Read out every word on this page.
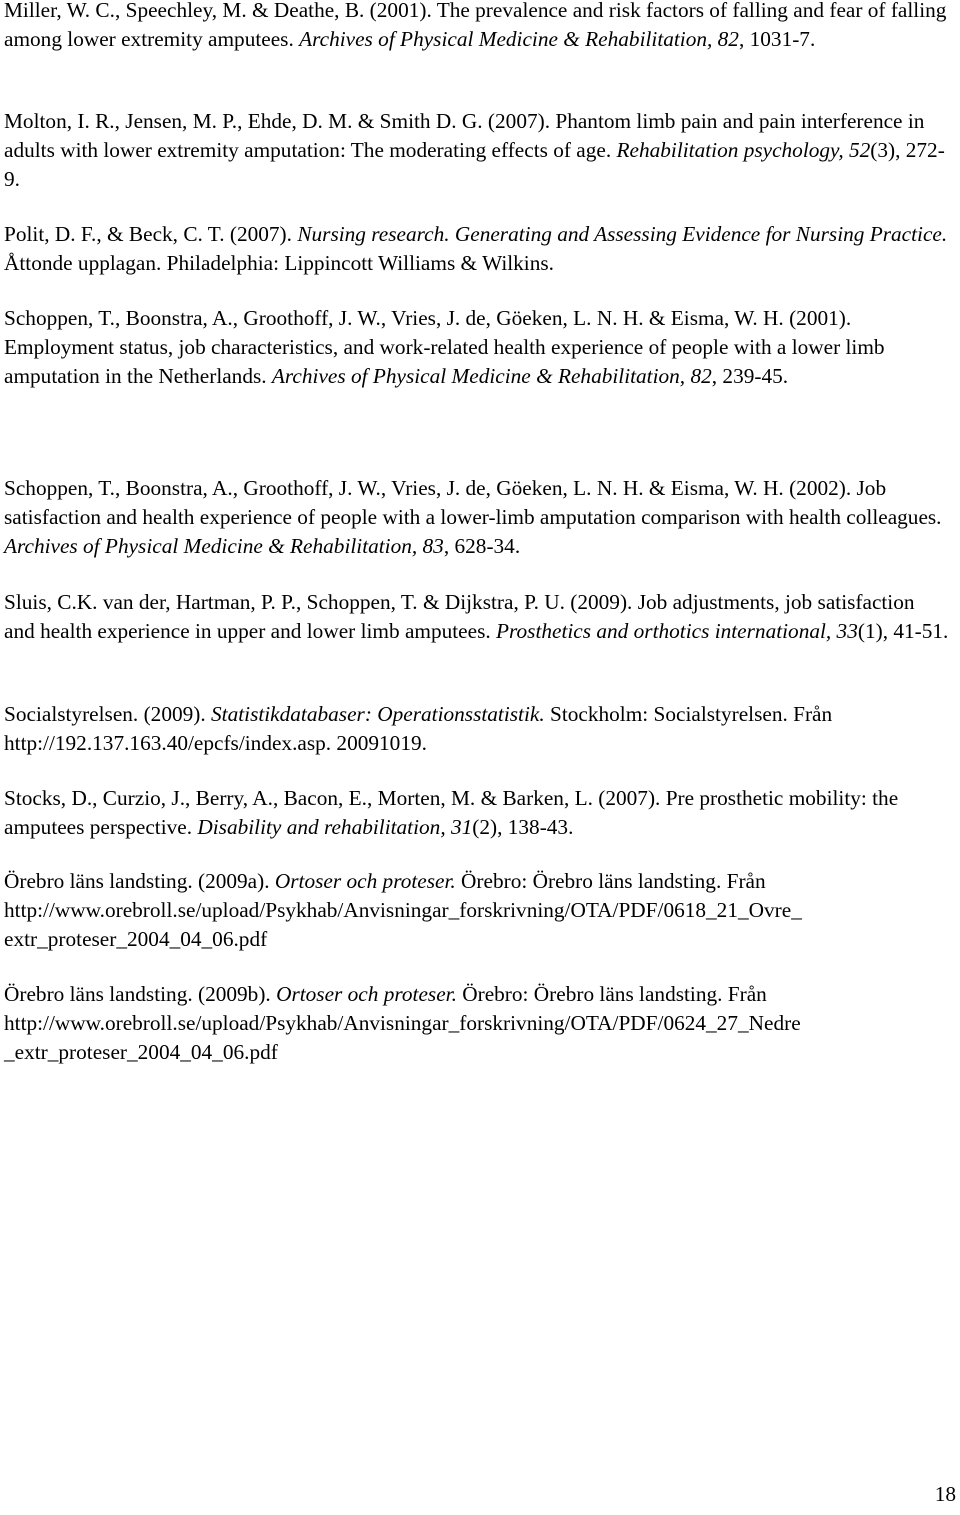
Miller, W. C., Speechley, M. & Deathe, B. (2001). The prevalence and risk factors of falling and fear of falling among lower extremity amputees. Archives of Physical Medicine & Rehabilitation, 82, 1031-7.

Molton, I. R., Jensen, M. P., Ehde, D. M. & Smith D. G. (2007). Phantom limb pain and pain interference in adults with lower extremity amputation: The moderating effects of age. Rehabilitation psychology, 52(3), 272-9.

Polit, D. F., & Beck, C. T. (2007). Nursing research. Generating and Assessing Evidence for Nursing Practice. Åttonde upplagan. Philadelphia: Lippincott Williams & Wilkins.

Schoppen, T., Boonstra, A., Groothoff, J. W., Vries, J. de, Göeken, L. N. H. & Eisma, W. H. (2001). Employment status, job characteristics, and work-related health experience of people with a lower limb amputation in the Netherlands. Archives of Physical Medicine & Rehabilitation, 82, 239-45.

Schoppen, T., Boonstra, A., Groothoff, J. W., Vries, J. de, Göeken, L. N. H. & Eisma, W. H. (2002). Job satisfaction and health experience of people with a lower-limb amputation comparison with health colleagues. Archives of Physical Medicine & Rehabilitation, 83, 628-34.

Sluis, C.K. van der, Hartman, P. P., Schoppen, T. & Dijkstra, P. U. (2009). Job adjustments, job satisfaction and health experience in upper and lower limb amputees. Prosthetics and orthotics international, 33(1), 41-51.

Socialstyrelsen. (2009). Statistikdatabaser: Operationsstatistik. Stockholm: Socialstyrelsen. Från http://192.137.163.40/epcfs/index.asp. 20091019.

Stocks, D., Curzio, J., Berry, A., Bacon, E., Morten, M. & Barken, L. (2007). Pre prosthetic mobility: the amputees perspective. Disability and rehabilitation, 31(2), 138-43.

Örebro läns landsting. (2009a). Ortoser och proteser. Örebro: Örebro läns landsting. Från http://www.orebroll.se/upload/Psykhab/Anvisningar_forskrivning/OTA/PDF/0618_21_Ovre_ extr_proteser_2004_04_06.pdf

Örebro läns landsting. (2009b). Ortoser och proteser. Örebro: Örebro läns landsting. Från http://www.orebroll.se/upload/Psykhab/Anvisningar_forskrivning/OTA/PDF/0624_27_Nedre _extr_proteser_2004_04_06.pdf

18
